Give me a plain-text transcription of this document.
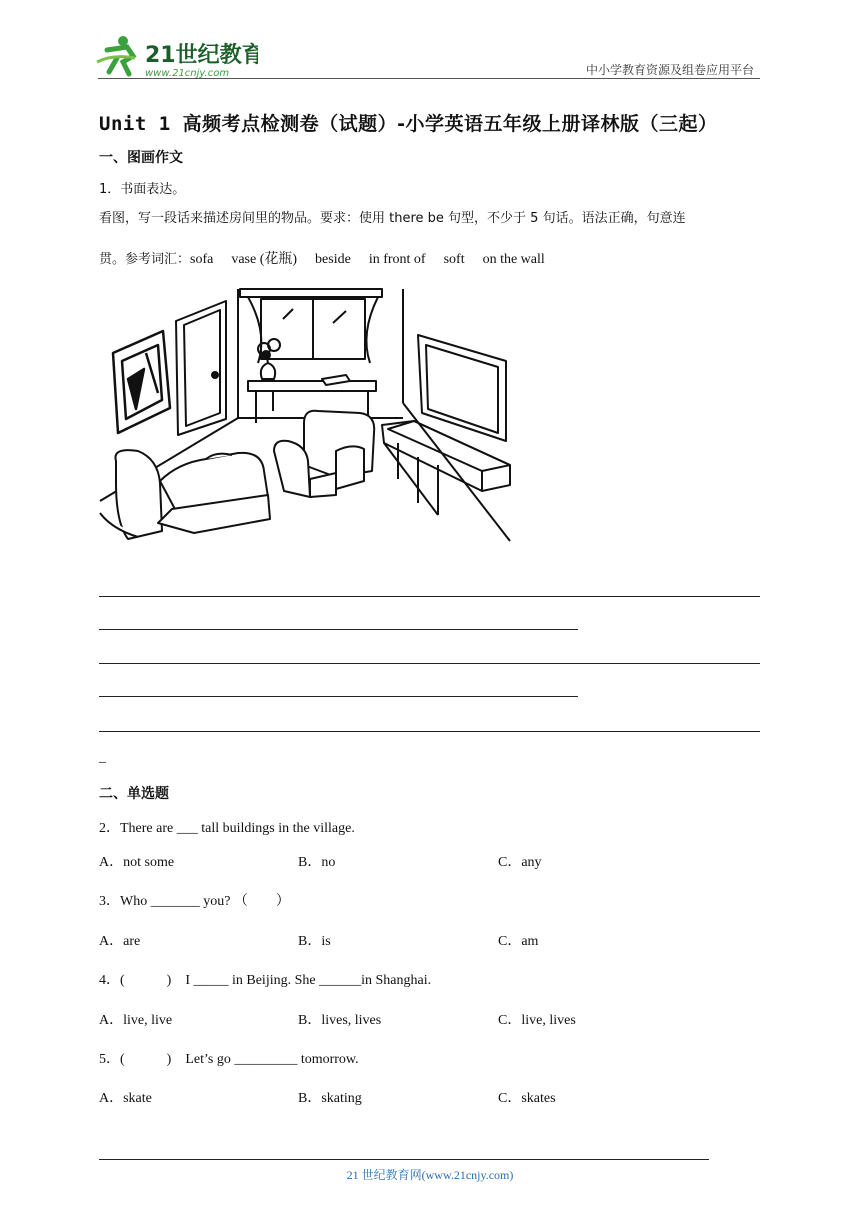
21世纪教育
www.21cnjy.com	中小学教育资源及组卷应用平台
Unit 1 高频考点检测卷（试题）-小学英语五年级上册译林版（三起）
一、图画作文
1．书面表达。
看图，写一段话来描述房间里的物品。要求：使用 there be 句型，不少于 5 句话。语法正确，句意连
贯。参考词汇：sofa vase (花瓶) beside in front of soft on the wall
_
二、单选题
2．There are ___ tall buildings in the village.
A．not some	B．no	C．any
3．Who _______ you? （　　）
A．are	B．is	C．am
4．(　　　)　I _____ in Beijing. She ______in Shanghai.
A．live, live	B．lives, lives	C．live, lives
5．(　　　)　Let’s go _________ tomorrow.
A．skate	B．skating	C．skates
21 世纪教育网(www.21cnjy.com)
